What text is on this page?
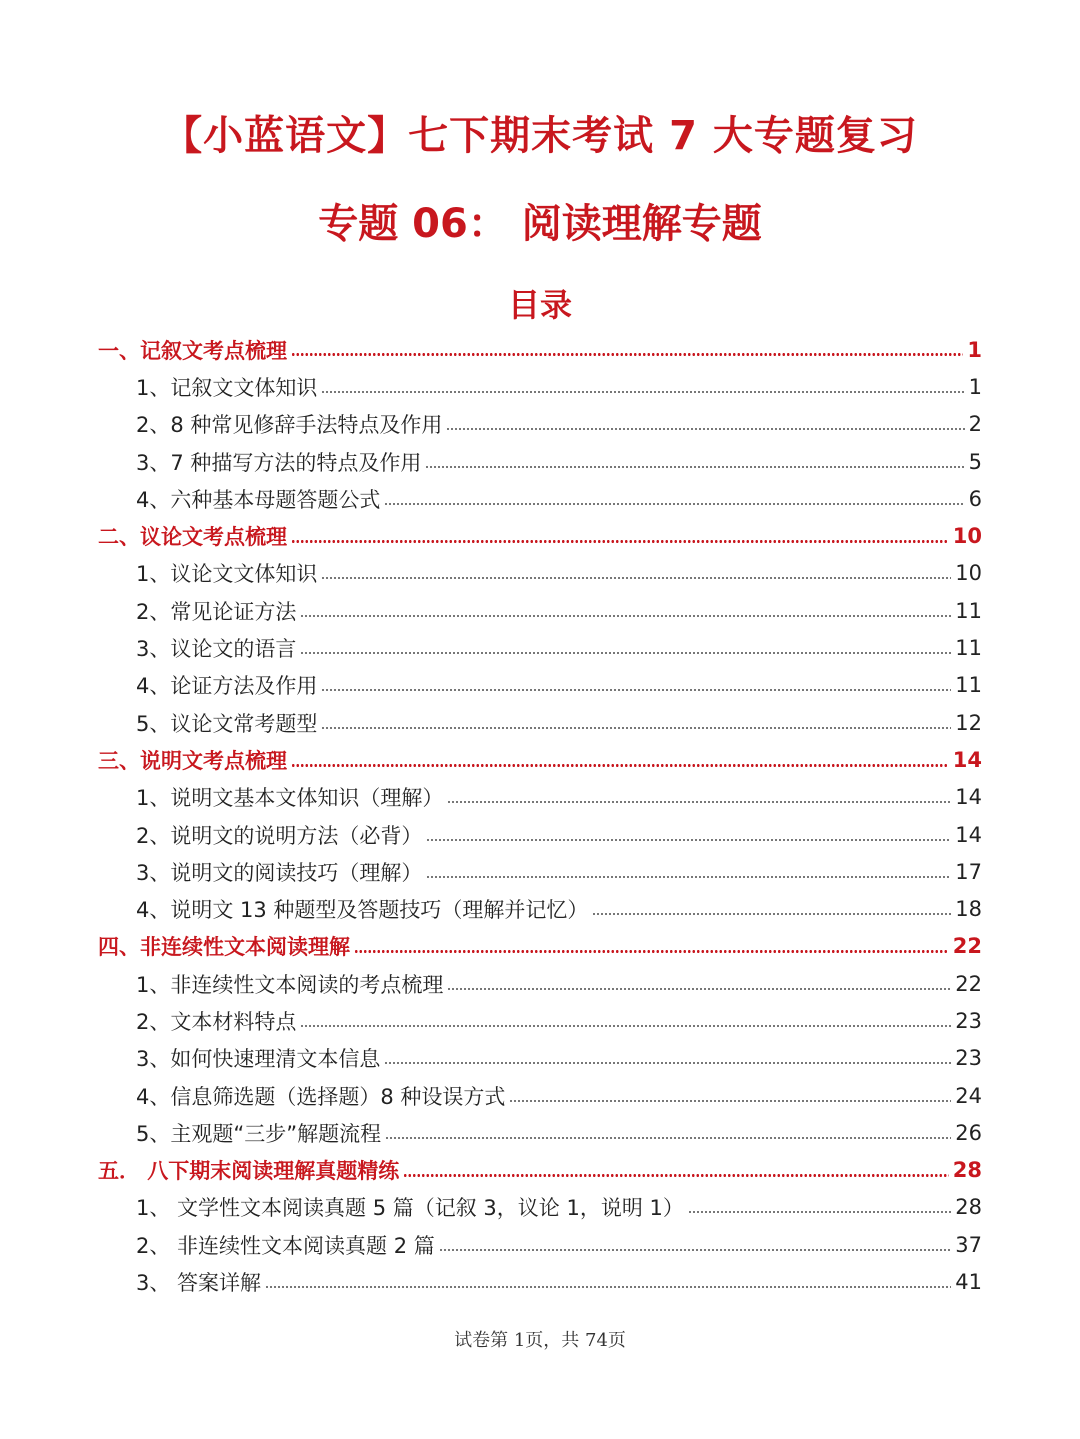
【小蓝语文】七下期末考试 7 大专题复习
专题 06： 阅读理解专题
目录
一、记叙文考点梳理	1
1、记叙文文体知识	1
2、8 种常见修辞手法特点及作用	2
3、7 种描写方法的特点及作用	5
4、六种基本母题答题公式	6
二、议论文考点梳理	10
1、议论文文体知识	10
2、常见论证方法	11
3、议论文的语言	11
4、论证方法及作用	11
5、议论文常考题型	12
三、说明文考点梳理	14
1、说明文基本文体知识（理解）	14
2、说明文的说明方法（必背）	14
3、说明文的阅读技巧（理解）	17
4、说明文 13 种题型及答题技巧（理解并记忆）	18
四、非连续性文本阅读理解	22
1、非连续性文本阅读的考点梳理	22
2、文本材料特点	23
3、如何快速理清文本信息	23
4、信息筛选题（选择题）8 种设误方式	24
5、主观题“三步”解题流程	26
五． 八下期末阅读理解真题精练	28
1、 文学性文本阅读真题 5 篇（记叙 3，议论 1，说明 1）	28
2、 非连续性文本阅读真题 2 篇	37
3、 答案详解	41
试卷第 1页，共 74页
